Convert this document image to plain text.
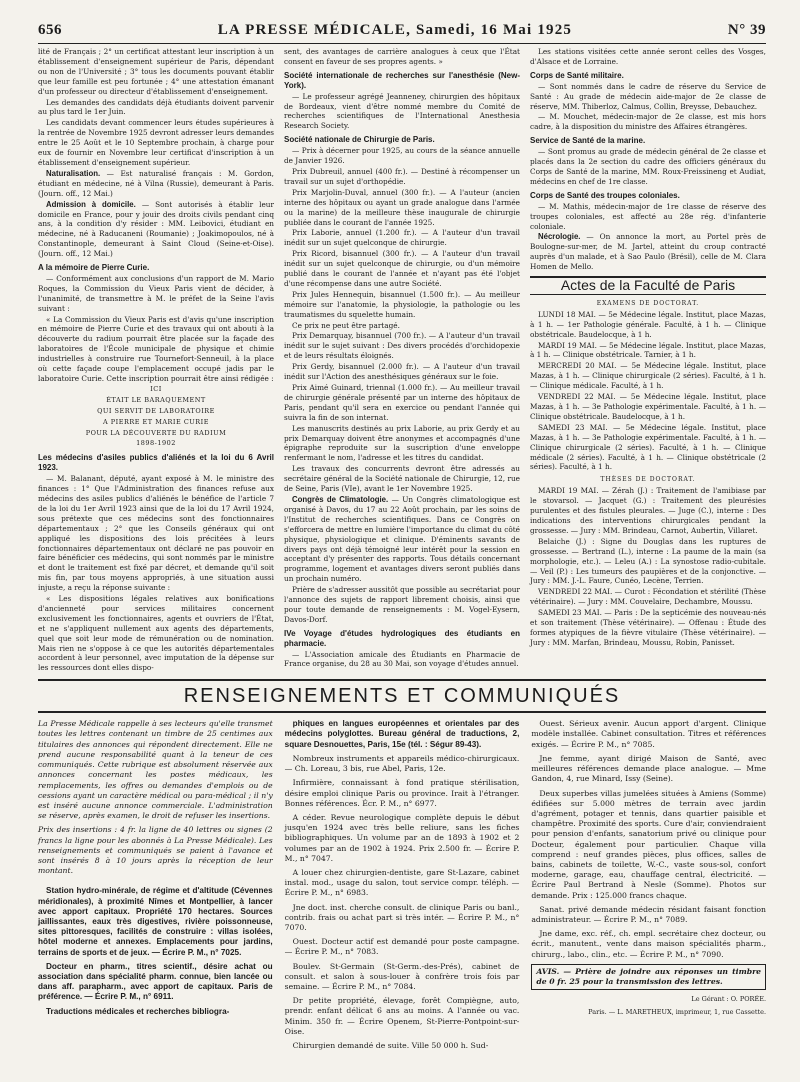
656	LA PRESSE MÉDICALE, Samedi, 16 Mai 1925	N° 39

lité de Français ; 2° un certificat attestant leur inscription à un établissement d'enseignement supérieur de Paris, dépendant ou non de l'Université ; 3° tous les documents pouvant établir que leur famille est peu fortunée ; 4° une attestation émanant d'un professeur ou directeur d'établissement d'enseignement.

Les demandes des candidats déjà étudiants doivent parvenir au plus tard le 1er Juin.

Les candidats devant commencer leurs études supérieures à la rentrée de Novembre 1925 devront adresser leurs demandes entre le 25 Août et le 10 Septembre prochain, à charge pour eux de fournir en Novembre leur certificat d'inscription à un établissement d'enseignement supérieur.

Naturalisation. — Est naturalisé français : M. Gordon, étudiant en médecine, né à Vilna (Russie), demeurant à Paris. (Journ. off., 12 Mai.)

Admission à domicile. — Sont autorisés à établir leur domicile en France, pour y jouir des droits civils pendant cinq ans, à la condition d'y résider : MM. Leibovici, étudiant en médecine, né à Raducaneni (Roumanie) ; Joakimopoulos, né à Constantinople, demeurant à Saint Cloud (Seine-et-Oise). (Journ. off., 12 Mai.)

A la mémoire de Pierre Curie.

— Conformément aux conclusions d'un rapport de M. Mario Roques, la Commission du Vieux Paris vient de décider, à l'unanimité, de transmettre à M. le préfet de la Seine l'avis suivant :

« La Commission du Vieux Paris est d'avis qu'une inscription en mémoire de Pierre Curie et des travaux qui ont abouti à la découverte du radium pourrait être placée sur la façade des laboratoires de l'École municipale de physique et chimie industrielles à construire rue Tournefort-Senneuil, à la place où cette façade coupe l'emplacement occupé jadis par le laboratoire Curie. Cette inscription pourrait être ainsi rédigée :

ICI

ÉTAIT LE BARAQUEMENT

QUI SERVIT DE LABORATOIRE

A PIERRE ET MARIE CURIE

POUR LA DÉCOUVERTE DU RADIUM

1898-1902

Les médecins d'asiles publics d'aliénés et la loi du 6 Avril 1923.

— M. Balanant, député, ayant exposé à M. le ministre des finances : 1° Que l'Administration des finances refuse aux médecins des asiles publics d'aliénés le bénéfice de l'article 7 de la loi du 1er Avril 1923 ainsi que de la loi du 17 Avril 1924, sous prétexte que ces médecins sont des fonctionnaires départementaux ; 2° que les Conseils généraux qui ont appliqué les dispositions des lois précitées à leurs fonctionnaires départementaux ont déclaré ne pas pouvoir en faire bénéficier ces médecins, qui sont nommés par le ministre et dont le traitement est fixé par décret, et demande qu'il soit mis fin, par tous moyens appropriés, à une situation aussi injuste, a reçu la réponse suivante :

« Les dispositions légales relatives aux bonifications d'ancienneté pour services militaires concernent exclusivement les fonctionnaires, agents et ouvriers de l'État, et ne s'appliquent nullement aux agents des départements, quel que soit leur mode de rémunération ou de nomination. Mais rien ne s'oppose à ce que les autorités départementales accordent à leur personnel, avec imputation de la dépense sur les ressources dont elles dispo-

sent, des avantages de carrière analogues à ceux que l'État consent en faveur de ses propres agents. »

Société internationale de recherches sur l'anesthésie (New-York).

— Le professeur agrégé Jeanneney, chirurgien des hôpitaux de Bordeaux, vient d'être nommé membre du Comité de recherches scientifiques de l'International Anesthesia Research Society.

Société nationale de Chirurgie de Paris.

— Prix à décerner pour 1925, au cours de la séance annuelle de Janvier 1926.

Prix Dubreuil, annuel (400 fr.). — Destiné à récompenser un travail sur un sujet d'orthopédie.

Prix Marjolin-Duval, annuel (300 fr.). — A l'auteur (ancien interne des hôpitaux ou ayant un grade analogue dans l'armée ou la marine) de la meilleure thèse inaugurale de chirurgie publiée dans le courant de l'année 1925.

Prix Laborie, annuel (1.200 fr.). — A l'auteur d'un travail inédit sur un sujet quelconque de chirurgie.

Prix Ricord, bisannuel (300 fr.). — A l'auteur d'un travail inédit sur un sujet quelconque de chirurgie, ou d'un mémoire publié dans le courant de l'année et n'ayant pas été l'objet d'une récompense dans une autre Société.

Prix Jules Hennequin, bisannuel (1.500 fr.). — Au meilleur mémoire sur l'anatomie, la physiologie, la pathologie ou les traumatismes du squelette humain.

Ce prix ne peut être partagé.

Prix Demarquay, bisannuel (700 fr.). — A l'auteur d'un travail inédit sur le sujet suivant : Des divers procédés d'orchidopexie et de leurs résultats éloignés.

Prix Gerdy, bisannuel (2.000 fr.). — A l'auteur d'un travail inédit sur l'Action des anesthésiques généraux sur le foie.

Prix Aimé Guinard, triennal (1.000 fr.). — Au meilleur travail de chirurgie générale présenté par un interne des hôpitaux de Paris, pendant qu'il sera en exercice ou pendant l'année qui suivra la fin de son internat.

Les manuscrits destinés au prix Laborie, au prix Gerdy et au prix Demarquay doivent être anonymes et accompagnés d'une épigraphe reproduite sur la suscription d'une enveloppe renfermant le nom, l'adresse et les titres du candidat.

Les travaux des concurrents devront être adressés au secrétaire général de la Société nationale de Chirurgie, 12, rue de Seine, Paris (VIe), avant le 1er Novembre 1925.

Congrès de Climatologie. — Un Congrès climatologique est organisé à Davos, du 17 au 22 Août prochain, par les soins de l'Institut de recherches scientifiques. Dans ce Congrès on s'efforcera de mettre en lumière l'importance du climat du côté physique, physiologique et clinique. D'éminents savants de divers pays ont déjà témoigné leur intérêt pour la session en acceptant d'y présenter des rapports. Tous détails concernant programme, logement et avantages divers seront publiés dans un prochain numéro.

Prière de s'adresser aussitôt que possible au secrétariat pour l'annonce des sujets de rapport librement choisis, ainsi que pour toute demande de renseignements : M. Vogel-Eysern, Davos-Dorf.

IVe Voyage d'études hydrologiques des étudiants en pharmacie.

— L'Association amicale des Étudiants en Pharmacie de France organise, du 28 au 30 Mai, son voyage d'études annuel.

Les stations visitées cette année seront celles des Vosges, d'Alsace et de Lorraine.

Corps de Santé militaire.

— Sont nommés dans le cadre de réserve du Service de Santé : Au grade de médecin aide-major de 2e classe de réserve, MM. Thiberloz, Calmus, Collin, Breysse, Debauchez.

— M. Mouchet, médecin-major de 2e classe, est mis hors cadre, à la disposition du ministre des Affaires étrangères.

Service de Santé de la marine.

— Sont promus au grade de médecin général de 2e classe et placés dans la 2e section du cadre des officiers généraux du Corps de Santé de la marine, MM. Roux-Freissineng et Audiat, médecins en chef de 1re classe.

Corps de Santé des troupes coloniales.

— M. Mathis, médecin-major de 1re classe de réserve des troupes coloniales, est affecté au 28e rég. d'infanterie coloniale.

Nécrologie. — On annonce la mort, au Portel près de Boulogne-sur-mer, de M. Jartel, atteint du croup contracté auprès d'un malade, et à Sao Paulo (Brésil), celle de M. Clara Homen de Mello.

Actes de la Faculté de Paris
EXAMENS DE DOCTORAT.

LUNDI 18 MAI. — 5e Médecine légale. Institut, place Mazas, à 1 h. — 1er Pathologie générale. Faculté, à 1 h. — Clinique obstétricale. Baudelocque, à 1 h.

MARDI 19 MAI. — 5e Médecine légale. Institut, place Mazas, à 1 h. — Clinique obstétricale. Tarnier, à 1 h.

MERCREDI 20 MAI. — 5e Médecine légale. Institut, place Mazas, à 1 h. — Clinique chirurgicale (2 séries). Faculté, à 1 h. — Clinique médicale. Faculté, à 1 h.

VENDREDI 22 MAI. — 5e Médecine légale. Institut, place Mazas, à 1 h. — 3e Pathologie expérimentale. Faculté, à 1 h. — Clinique obstétricale. Baudelocque, à 1 h.

SAMEDI 23 MAI. — 5e Médecine légale. Institut, place Mazas, à 1 h. — 3e Pathologie expérimentale. Faculté, à 1 h. — Clinique chirurgicale (2 séries). Faculté, à 1 h. — Clinique médicale (2 séries). Faculté, à 1 h. — Clinique obstétricale (2 séries). Faculté, à 1 h.

THÈSES DE DOCTORAT.

MARDI 19 MAI. — Zérah (J.) : Traitement de l'amibiase par le stovarsol. — Jacquet (G.) : Traitement des pleurésies purulentes et des fistules pleurales. — Juge (C.), interne : Des indications des interventions chirurgicales pendant la grossesse. — Jury : MM. Brindeau, Carnot, Aubertin, Villaret.

Belaiche (J.) : Signe du Douglas dans les ruptures de grossesse. — Bertrand (L.), interne : La paume de la main (sa morphologie, etc.). — Leleu (A.) : La synostose radio-cubitale. — Veil (P.) : Les tumeurs des paupières et de la conjonctive. — Jury : MM. J.-L. Faure, Cunéo, Lecène, Terrien.

VENDREDI 22 MAI. — Curot : Fécondation et stérilité (Thèse vétérinaire). — Jury : MM. Couvelaire, Dechambre, Moussu.

SAMEDI 23 MAI. — Paris : De la septicémie des nouveau-nés et son traitement (Thèse vétérinaire). — Offenau : Étude des formes atypiques de la fièvre vitulaire (Thèse vétérinaire). — Jury : MM. Marfan, Brindeau, Moussu, Robin, Panisset.

RENSEIGNEMENTS ET COMMUNIQUÉS

La Presse Médicale rappelle à ses lecteurs qu'elle transmet toutes les lettres contenant un timbre de 25 centimes aux titulaires des annonces qui répondent directement. Elle ne prend aucune responsabilité quant à la teneur de ces communiqués. Cette rubrique est absolument réservée aux annonces concernant les postes médicaux, les remplacements, les offres ou demandes d'emplois ou de cessions ayant un caractère médical ou para-médical ; il n'y est inséré aucune annonce commerciale. L'administration se réserve, après examen, le droit de refuser les insertions.

Prix des insertions : 4 fr. la ligne de 40 lettres ou signes (2 francs la ligne pour les abonnés à La Presse Médicale). Les renseignements et communiqués se paient à l'avance et sont insérés 8 à 10 jours après la réception de leur montant.

Station hydro-minérale, de régime et d'altitude (Cévennes méridionales), à proximité Nîmes et Montpellier, à lancer avec apport capitaux. Propriété 170 hectares. Sources jaillissantes, eaux très digestives, rivière poissonneuse, sites pittoresques, facilités de construire : villas isolées, hôtel moderne et annexes. Emplacements pour jardins, terrains de sports et de jeux. — Écrire P. M., n° 7025.

Docteur en pharm., titres scientif., désire achat ou association dans spécialité pharm. connue, bien lancée ou dans aff. parapharm., avec apport de capitaux. Paris de préférence. — Écrire P. M., n° 6911.

Traductions médicales et recherches bibliogra-

phiques en langues européennes et orientales par des médecins polyglottes. Bureau général de traductions, 2, square Desnouettes, Paris, 15e (tél. : Ségur 89-43).

Nombreux instruments et appareils médico-chirurgicaux. — Ch. Loreau, 3 bis, rue Abel, Paris, 12e.

Infirmière, connaissant à fond pratique stérilisation, désire emploi clinique Paris ou province. Irait à l'étranger. Bonnes références. Écr. P. M., n° 6977.

A céder. Revue neurologique complète depuis le début jusqu'en 1924 avec très belle reliure, sans les fiches bibliographiques. Un volume par an de 1893 à 1902 et 2 volumes par an de 1902 à 1924. Prix 2.500 fr. — Écrire P. M., n° 7047.

A louer chez chirurgien-dentiste, gare St-Lazare, cabinet instal. mod., usage du salon, tout service compr. téléph. — Écrire P. M., n° 6983.

Jne doct. inst. cherche consult. de clinique Paris ou banl., contrib. frais ou achat part si très intér. — Écrire P. M., n° 7070.

Ouest. Docteur actif est demandé pour poste campagne. — Écrire P. M., n° 7083.

Boulev. St-Germain (St-Germ.-des-Prés), cabinet de consult. et salon à sous-louer à confrère trois fois par semaine. — Écrire P. M., n° 7084.

Dr petite propriété, élevage, forêt Compiègne, auto, prendr. enfant délicat 6 ans au moins. A l'année ou vac. Minim. 350 fr. — Écrire Openem, St-Pierre-Pontpoint-sur-Oise.

Chirurgien demandé de suite. Ville 50 000 h. Sud-

Ouest. Sérieux avenir. Aucun apport d'argent. Clinique modèle installée. Cabinet consultation. Titres et références exigés. — Écrire P. M., n° 7085.

Jne femme, ayant dirigé Maison de Santé, avec meilleures références demande place analogue. — Mme Gandon, 4, rue Minard, Issy (Seine).

Deux superbes villas jumelées situées à Amiens (Somme) édifiées sur 5.000 mètres de terrain avec jardin d'agrément, potager et tennis, dans quartier paisible et champêtre. Proximité des sports. Cure d'air, conviendraient pour pension d'enfants, sanatorium privé ou clinique pour Docteur, également pour particulier. Chaque villa comprend : neuf grandes pièces, plus offices, salles de bains, cabinets de toilette, W.-C., vaste sous-sol, confort moderne, garage, eau, chauffage central, électricité. — Écrire Paul Bertrand à Nesle (Somme). Photos sur demande. Prix : 125.000 francs chaque.

Sanat. privé demande médecin résidant faisant fonction administrateur. — Écrire P. M., n° 7089.

Jne dame, exc. réf., ch. empl. secrétaire chez docteur, ou écrit., manutent., vente dans maison spécialités pharm., chirurg., labo., clin., etc. — Écrire P. M., n° 7090.

AVIS. — Prière de joindre aux réponses un timbre de 0 fr. 25 pour la transmission des lettres.

Le Gérant : O. PORÉE.
Paris. — L. MARETHEUX, imprimeur, 1, rue Cassette.
